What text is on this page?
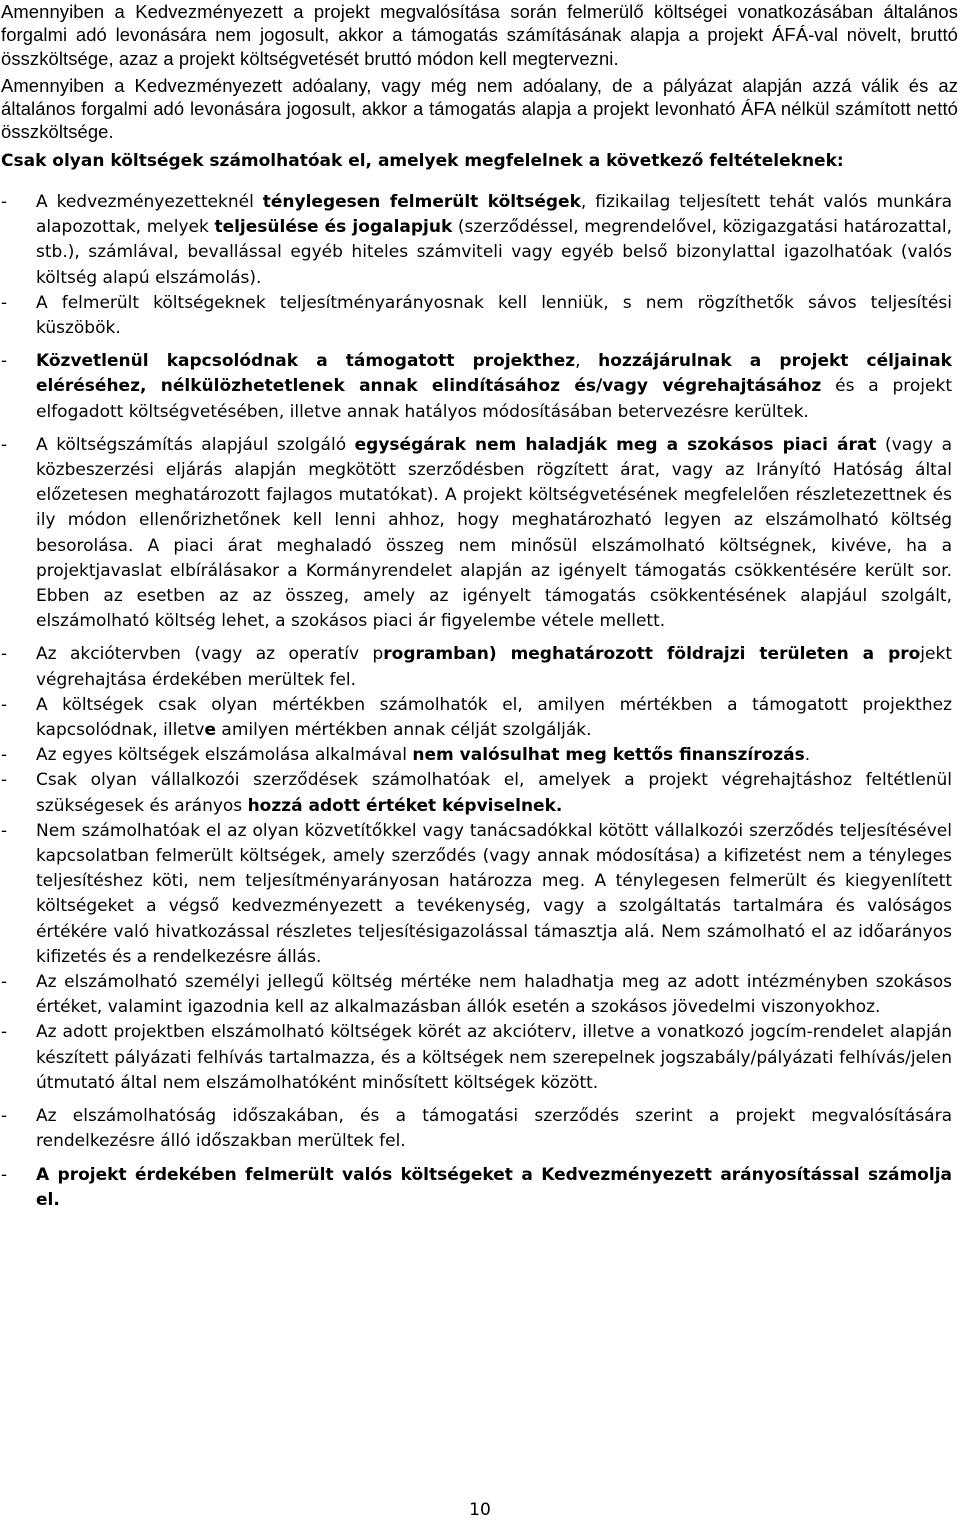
Amennyiben a Kedvezményezett a projekt megvalósítása során felmerülő költségei vonatkozásában általános forgalmi adó levonására nem jogosult, akkor a támogatás számításának alapja a projekt ÁFÁ-val növelt, bruttó összköltsége, azaz a projekt költségvetését bruttó módon kell megtervezni.

Amennyiben a Kedvezményezett adóalany, vagy még nem adóalany, de a pályázat alapján azzá válik és az általános forgalmi adó levonására jogosult, akkor a támogatás alapja a projekt levonható ÁFA nélkül számított nettó összköltsége.

Csak olyan költségek számolhatóak el, amelyek megfelelnek a következő feltételeknek:

- A kedvezményezetteknél ténylegesen felmerült költségek, fizikailag teljesített tehát valós munkára alapozottak, melyek teljesülése és jogalapjuk (szerződéssel, megrendelővel, közigazgatási határozattal, stb.), számlával, bevallással egyéb hiteles számviteli vagy egyéb belső bizonylattal igazolhatóak (valós költség alapú elszámolás).
- A felmerült költségeknek teljesítményarányosnak kell lenniük, s nem rögzíthetők sávos teljesítési küszöbök.
- Közvetlenül kapcsolódnak a támogatott projekthez, hozzájárulnak a projekt céljainak eléréséhez, nélkülözhetetlenek annak elindításához és/vagy végrehajtásához és a projekt elfogadott költségvetésében, illetve annak hatályos módosításában betervezésre kerültek.
- A költségszámítás alapjául szolgáló egységárak nem haladják meg a szokásos piaci árat (vagy a közbeszerzési eljárás alapján megkötött szerződésben rögzített árat, vagy az Irányító Hatóság által előzetesen meghatározott fajlagos mutatókat). A projekt költségvetésének megfelelően részletezettnek és ily módon ellenőrizhetőnek kell lenni ahhoz, hogy meghatározható legyen az elszámolható költség besorolása. A piaci árat meghaladó összeg nem minősül elszámolható költségnek, kivéve, ha a projektjavaslat elbírálásakor a Kormányrendelet alapján az igényelt támogatás csökkentésére került sor. Ebben az esetben az az összeg, amely az igényelt támogatás csökkentésének alapjául szolgált, elszámolható költség lehet, a szokásos piaci ár figyelembe vétele mellett.
- Az akciótervben (vagy az operatív programban) meghatározott földrajzi területen a projekt végrehajtása érdekében merültek fel.
- A költségek csak olyan mértékben számolhatók el, amilyen mértékben a támogatott projekthez kapcsolódnak, illetve amilyen mértékben annak célját szolgálják.
- Az egyes költségek elszámolása alkalmával nem valósulhat meg kettős finanszírozás.
- Csak olyan vállalkozói szerződések számolhatóak el, amelyek a projekt végrehajtáshoz feltétlenül szükségesek és arányos hozzá adott értéket képviselnek.
- Nem számolhatóak el az olyan közvetítőkkel vagy tanácsadókkal kötött vállalkozói szerződés teljesítésével kapcsolatban felmerült költségek, amely szerződés (vagy annak módosítása) a kifizetést nem a tényleges teljesítéshez köti, nem teljesítményarányosan határozza meg. A ténylegesen felmerült és kiegyenlített költségeket a végső kedvezményezett a tevékenység, vagy a szolgáltatás tartalmára és valóságos értékére való hivatkozással részletes teljesítésigazolással támasztja alá. Nem számolható el az időarányos kifizetés és a rendelkezésre állás.
- Az elszámolható személyi jellegű költség mértéke nem haladhatja meg az adott intézményben szokásos értéket, valamint igazodnia kell az alkalmazásban állók esetén a szokásos jövedelmi viszonyokhoz.
- Az adott projektben elszámolható költségek körét az akcióterv, illetve a vonatkozó jogcím-rendelet alapján készített pályázati felhívás tartalmazza, és a költségek nem szerepelnek jogszabály/pályázati felhívás/jelen útmutató által nem elszámolhatóként minősített költségek között.
- Az elszámolhatóság időszakában, és a támogatási szerződés szerint a projekt megvalósítására rendelkezésre álló időszakban merültek fel.
- A projekt érdekében felmerült valós költségeket a Kedvezményezett arányosítással számolja el.
10
